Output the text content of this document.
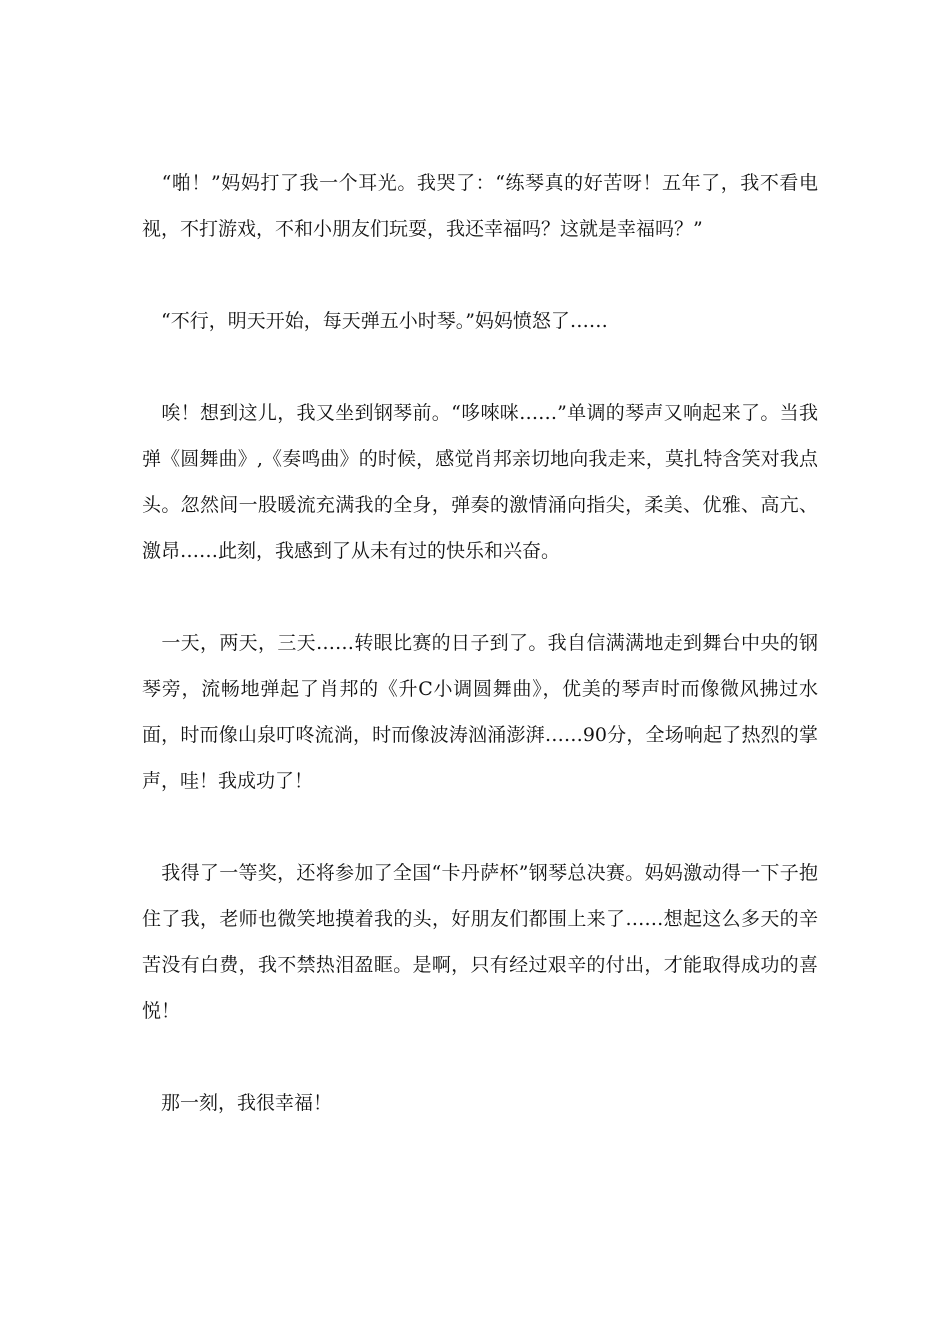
　“啪！”妈妈打了我一个耳光。我哭了：“练琴真的好苦呀！五年了，我不看电视，不打游戏，不和小朋友们玩耍，我还幸福吗？这就是幸福吗？”

　“不行，明天开始，每天弹五小时琴。”妈妈愤怒了……

　唉！想到这儿，我又坐到钢琴前。“哆唻咪……”单调的琴声又响起来了。当我弹《圆舞曲》,《奏鸣曲》的时候，感觉肖邦亲切地向我走来，莫扎特含笑对我点头。忽然间一股暖流充满我的全身，弹奏的激情涌向指尖，柔美、优雅、高亢、激昂……此刻，我感到了从未有过的快乐和兴奋。

　一天，两天，三天……转眼比赛的日子到了。我自信满满地走到舞台中央的钢琴旁，流畅地弹起了肖邦的《升C小调圆舞曲》，优美的琴声时而像微风拂过水面，时而像山泉叮咚流淌，时而像波涛汹涌澎湃……90分，全场响起了热烈的掌声，哇！我成功了！

　我得了一等奖，还将参加了全国“卡丹萨杯”钢琴总决赛。妈妈激动得一下子抱住了我，老师也微笑地摸着我的头，好朋友们都围上来了……想起这么多天的辛苦没有白费，我不禁热泪盈眶。是啊，只有经过艰辛的付出，才能取得成功的喜悦！

　那一刻，我很幸福！
